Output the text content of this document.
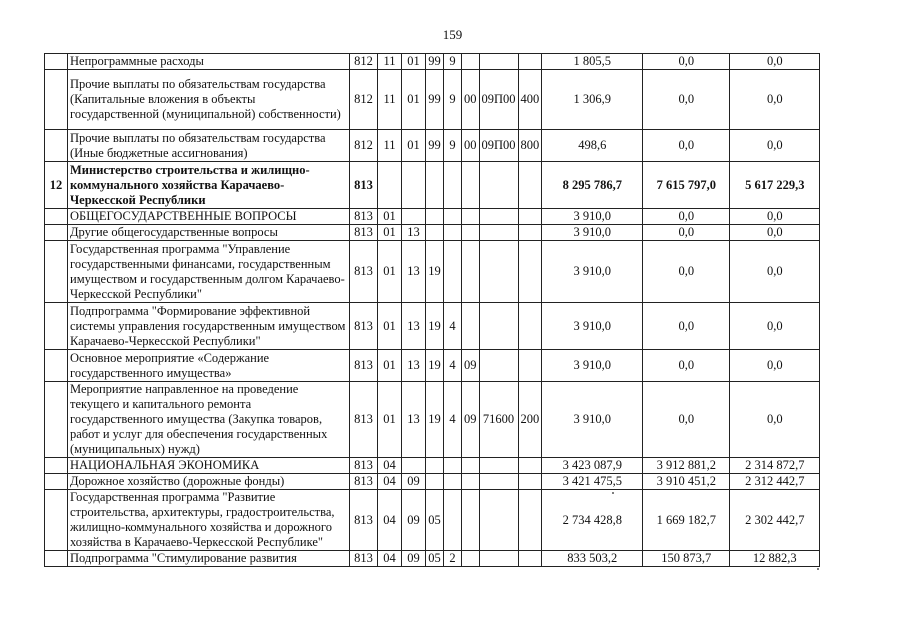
159
	Непрограммные расходы	812	11	01	99	9				1 805,5	0,0	0,0
	Прочие выплаты по обязательствам государства (Капитальные вложения в объекты государственной (муниципальной) собственности)	812	11	01	99	9	00	09П00	400	1 306,9	0,0	0,0
	Прочие выплаты по обязательствам государства (Иные бюджетные ассигнования)	812	11	01	99	9	00	09П00	800	498,6	0,0	0,0
12	Министерство строительства и жилищно-коммунального хозяйства Карачаево-Черкесской Республики	813								8 295 786,7	7 615 797,0	5 617 229,3
	ОБЩЕГОСУДАРСТВЕННЫЕ ВОПРОСЫ	813	01							3 910,0	0,0	0,0
	Другие общегосударственные вопросы	813	01	13						3 910,0	0,0	0,0
	Государственная программа "Управление государственными финансами, государственным имуществом и государственным долгом Карачаево-Черкесской Республики"	813	01	13	19					3 910,0	0,0	0,0
	Подпрограмма "Формирование эффективной системы управления государственным имуществом Карачаево-Черкесской Республики"	813	01	13	19	4				3 910,0	0,0	0,0
	Основное мероприятие «Содержание государственного имущества»	813	01	13	19	4	09			3 910,0	0,0	0,0
	Мероприятие направленное на проведение текущего и капитального ремонта государственного имущества (Закупка товаров, работ и услуг для обеспечения государственных (муниципальных) нужд)	813	01	13	19	4	09	71600	200	3 910,0	0,0	0,0
	НАЦИОНАЛЬНАЯ ЭКОНОМИКА	813	04							3 423 087,9	3 912 881,2	2 314 872,7
	Дорожное хозяйство (дорожные фонды)	813	04	09						3 421 475,5	3 910 451,2	2 312 442,7
	Государственная программа "Развитие строительства, архитектуры, градостроительства, жилищно-коммунального хозяйства и дорожного хозяйства в Карачаево-Черкесской Республике"	813	04	09	05					2 734 428,8	1 669 182,7	2 302 442,7
	Подпрограмма "Стимулирование развития	813	04	09	05	2				833 503,2	150 873,7	12 882,3
